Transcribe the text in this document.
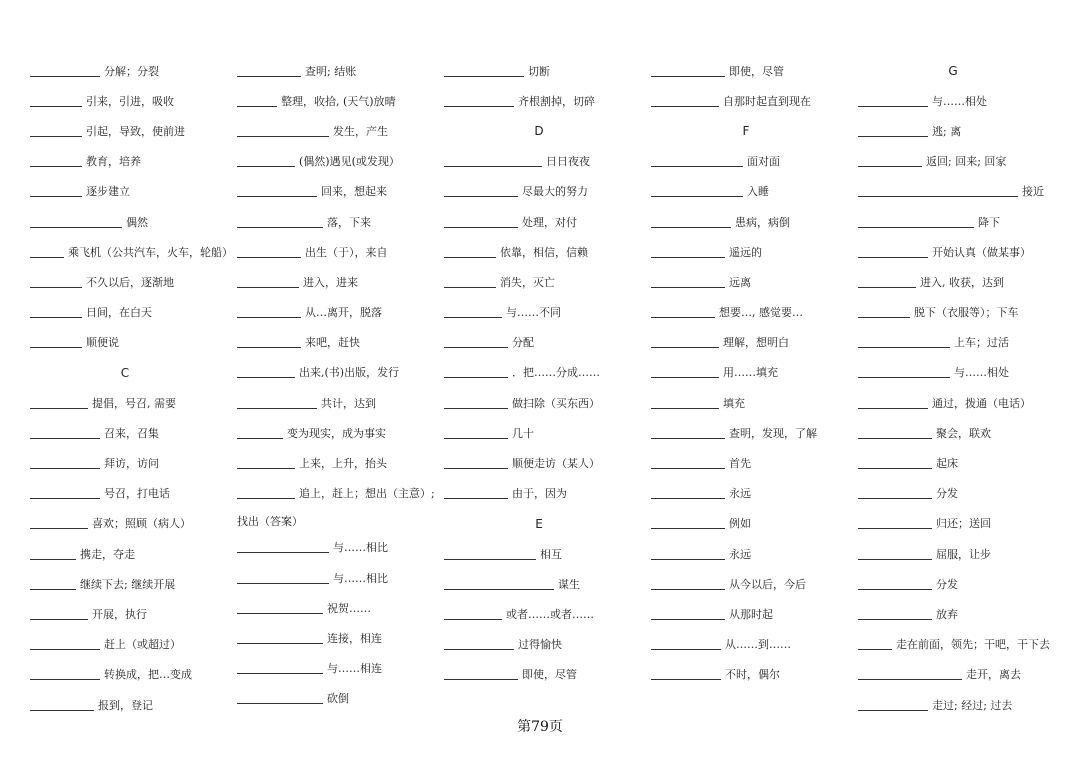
分解；分裂
引来，引进，吸收
引起，导致，使前进
教育，培养
逐步建立
偶然
乘飞机（公共汽车，火车，轮船）
不久以后，逐渐地
日间，在白天
顺便说
C
提倡，号召, 需要
召来，召集
拜访，访问
号召，打电话
喜欢；照顾（病人）
携走，夺走
继续下去; 继续开展
开展，执行
赶上（或超过）
转换成，把…变成
报到，登记
查明; 结账
整理，收拾, (天气)放晴
发生，产生
(偶然)遇见(或发现）
回来，想起来
落，下来
出生（于），来自
进入，进来
从…离开，脱落
来吧，赶快
出来,(书)出版，发行
共计，达到
变为现实，成为事实
上来，上升，抬头
追上，赶上；想出（主意）;
找出（答案）
与……相比
与……相比
祝贺……
连接，相连
与……相连
砍倒
切断
齐根割掉，切碎
D
日日夜夜
尽最大的努力
处理，对付
依靠，相信，信赖
消失，灭亡
与……不同
分配
．把……分成……
做扫除（买东西）
几十
顺便走访（某人）
由于，因为
E
相互
谋生
或者……或者……
过得愉快
即使，尽管
即使，尽管
自那时起直到现在
F
面对面
入睡
患病，病倒
遥远的
远离
想要…, 感觉要…
理解，想明白
用……填充
填充
查明，发现，了解
首先
永远
例如
永远
从今以后，今后
从那时起
从……到……
不时，偶尔
G
与……相处
逃; 离
返回; 回来; 回家
接近
降下
开始认真（做某事）
进入, 收获，达到
脱下（衣服等）；下车
上车；过活
与……相处
通过，拨通（电话）
聚会，联欢
起床
分发
归还；送回
屈服，让步
分发
放弃
走在前面，领先；干吧，干下去
走开，离去
走过; 经过; 过去
第79页
